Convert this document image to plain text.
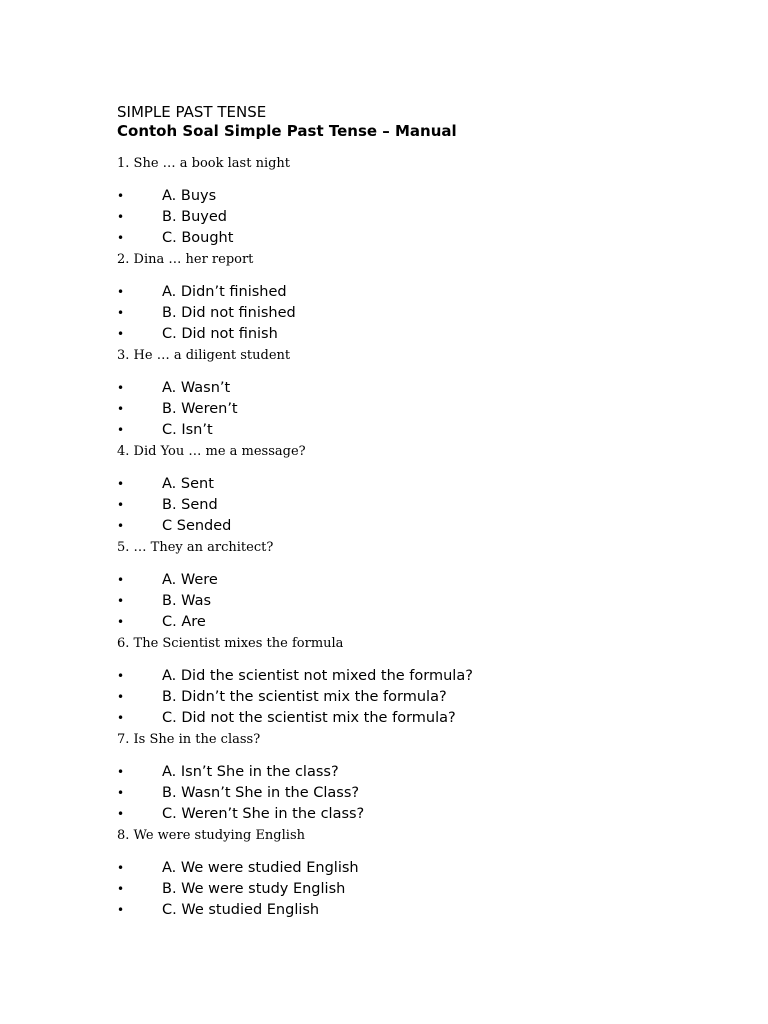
SIMPLE PAST TENSE
Contoh Soal Simple Past Tense – Manual
1. She … a book last night
•	A. Buys
•	B. Buyed
•	C. Bought
2. Dina … her report
•	A. Didn’t finished
•	B. Did not finished
•	C. Did not finish
3. He … a diligent student
•	A. Wasn’t
•	B. Weren’t
•	C. Isn’t
4. Did You … me a message?
•	A. Sent
•	B. Send
•	C Sended
5. … They an architect?
•	A. Were
•	B. Was
•	C. Are
6. The Scientist mixes the formula
•	A. Did the scientist not mixed the formula?
•	B. Didn’t the scientist mix the formula?
•	C. Did not the scientist mix the formula?
7. Is She in the class?
•	A. Isn’t She in the class?
•	B. Wasn’t She in the Class?
•	C. Weren’t She in the class?
8. We were studying English
•	A. We were studied English
•	B. We were study English
•	C. We studied English
